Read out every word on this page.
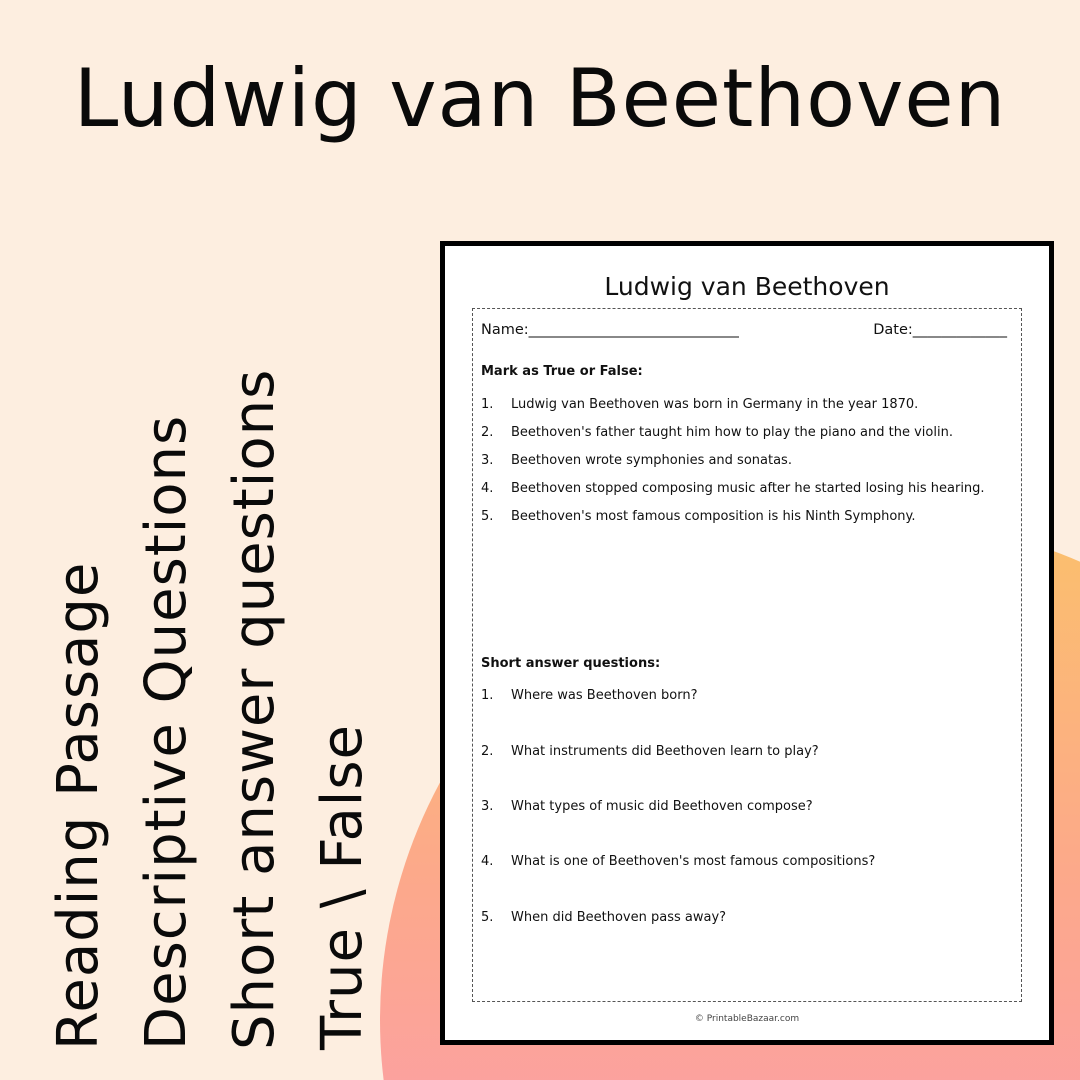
Ludwig van Beethoven
Reading Passage Descriptive Questions Short answer questions True \ False
Ludwig van Beethoven
Name:_____________________________	Date:_____________
Mark as True or False:
1. Ludwig van Beethoven was born in Germany in the year 1870.
2. Beethoven's father taught him how to play the piano and the violin.
3. Beethoven wrote symphonies and sonatas.
4. Beethoven stopped composing music after he started losing his hearing.
5. Beethoven's most famous composition is his Ninth Symphony.
Short answer questions:
1. Where was Beethoven born?
2. What instruments did Beethoven learn to play?
3. What types of music did Beethoven compose?
4. What is one of Beethoven's most famous compositions?
5. When did Beethoven pass away?
© PrintableBazaar.com
